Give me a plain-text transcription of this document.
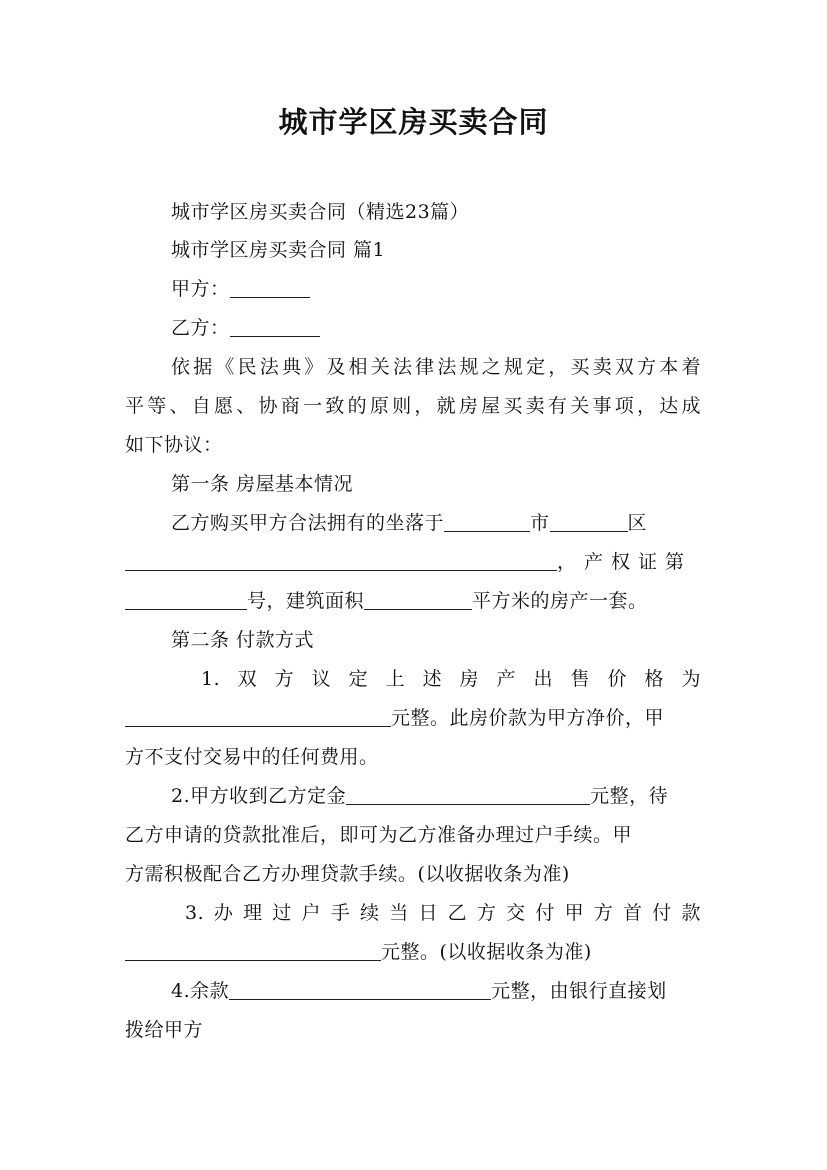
城市学区房买卖合同
城市学区房买卖合同（精选23篇）
城市学区房买卖合同 篇1
甲方：
乙方：
依据《民法典》及相关法律法规之规定，买卖双方本着
平等、自愿、协商一致的原则，就房屋买卖有关事项，达成
如下协议：
第一条 房屋基本情况
乙方购买甲方合法拥有的坐落于	市	区
，产权证第
号，建筑面积	平方米的房产一套。
第二条 付款方式
1.双方议定上述房产出售价格为
元整。此房价款为甲方净价，甲
方不支付交易中的任何费用。
2.甲方收到乙方定金	元整，待
乙方申请的贷款批准后，即可为乙方准备办理过户手续。甲
方需积极配合乙方办理贷款手续。(以收据收条为准)
3.办理过户手续当日乙方交付甲方首付款
元整。(以收据收条为准)
4.余款	元整，由银行直接划
拨给甲方
